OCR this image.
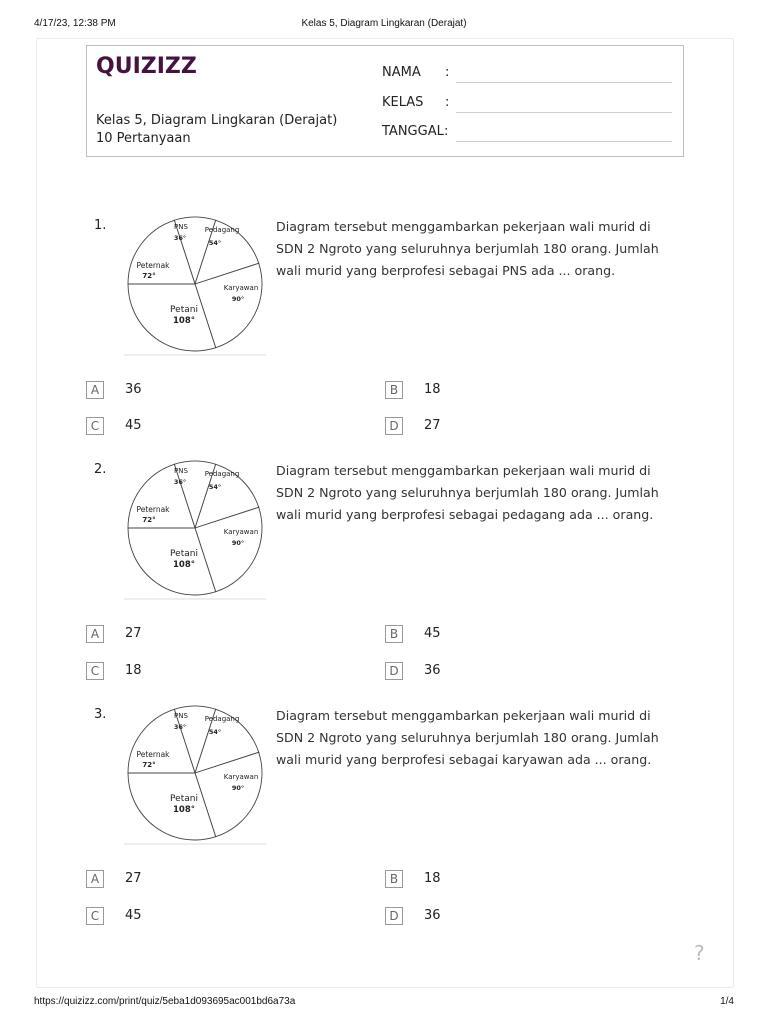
4/17/23, 12:38 PM	Kelas 5, Diagram Lingkaran (Derajat)
QUIZIZZ
Kelas 5, Diagram Lingkaran (Derajat)
10 Pertanyaan
NAMA :
KELAS :
TANGGAL :
1.	PNS
36°
Pedagang
54°
Karyawan
90°
Petani
108°
Peternak
72°
Diagram tersebut menggambarkan pekerjaan wali murid di SDN 2 Ngroto yang seluruhnya berjumlah 180 orang. Jumlah wali murid yang berprofesi sebagai PNS ada ... orang.
A	36	B	18
C	45	D	27
2.	PNS
36°
Pedagang
54°
Karyawan
90°
Petani
108°
Peternak
72°
Diagram tersebut menggambarkan pekerjaan wali murid di SDN 2 Ngroto yang seluruhnya berjumlah 180 orang. Jumlah wali murid yang berprofesi sebagai pedagang ada ... orang.
A	27	B	45
C	18	D	36
3.	PNS
36°
Pedagang
54°
Karyawan
90°
Petani
108°
Peternak
72°
Diagram tersebut menggambarkan pekerjaan wali murid di SDN 2 Ngroto yang seluruhnya berjumlah 180 orang. Jumlah wali murid yang berprofesi sebagai karyawan ada ... orang.
A	27	B	18
C	45	D	36
?
https://quizizz.com/print/quiz/5eba1d093695ac001bd6a73a	1/4
